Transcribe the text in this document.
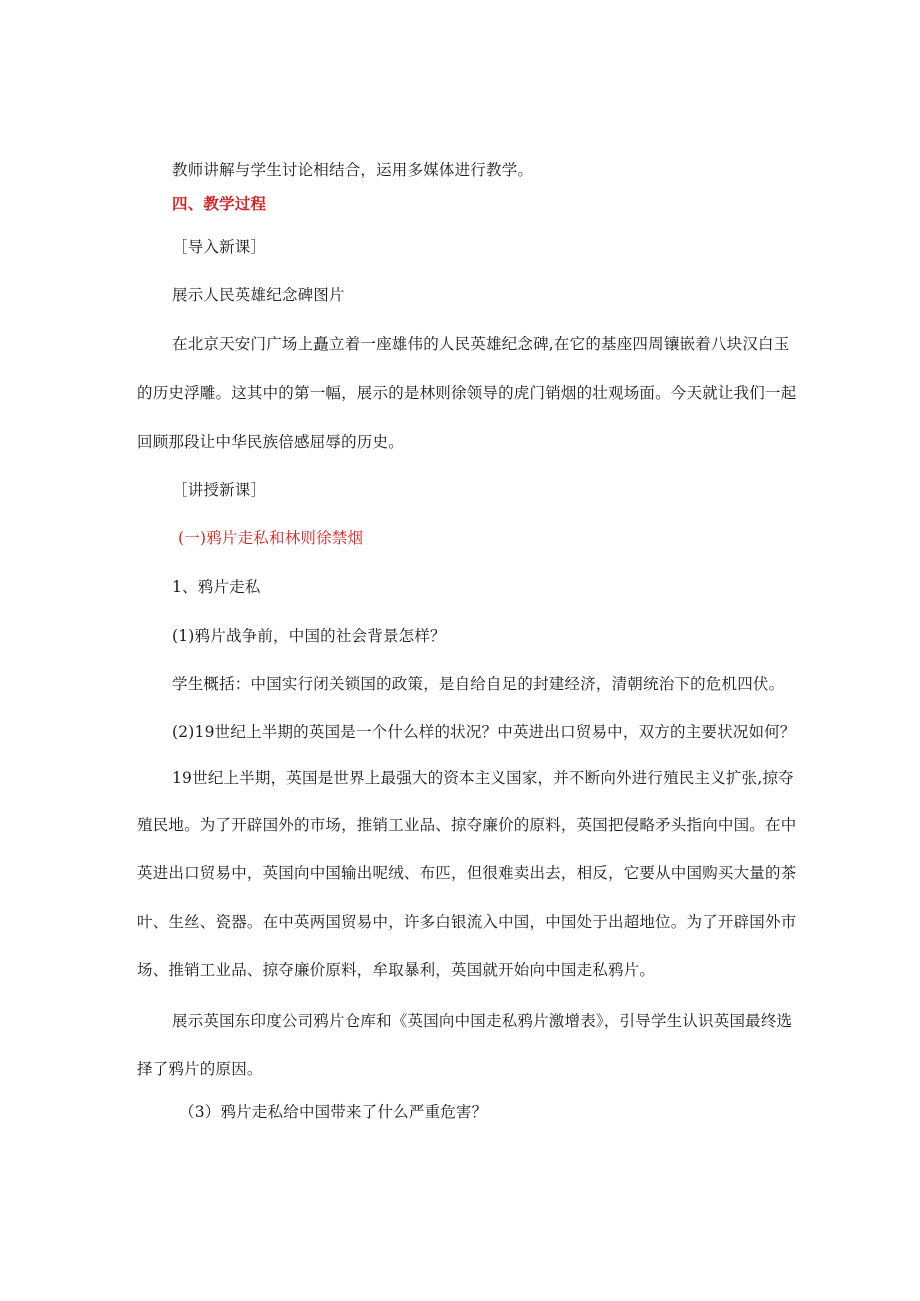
教师讲解与学生讨论相结合，运用多媒体进行教学。

四、教学过程

［导入新课］

展示人民英雄纪念碑图片

在北京天安门广场上矗立着一座雄伟的人民英雄纪念碑,在它的基座四周镶嵌着八块汉白玉

的历史浮雕。这其中的第一幅，展示的是林则徐领导的虎门销烟的壮观场面。今天就让我们一起

回顾那段让中华民族倍感屈辱的历史。

［讲授新课］

(一)鸦片走私和林则徐禁烟

1、鸦片走私

(1)鸦片战争前，中国的社会背景怎样？

学生概括：中国实行闭关锁国的政策，是自给自足的封建经济，清朝统治下的危机四伏。

(2)19世纪上半期的英国是一个什么样的状况？中英进出口贸易中，双方的主要状况如何？

19世纪上半期，英国是世界上最强大的资本主义国家，并不断向外进行殖民主义扩张,掠夺

殖民地。为了开辟国外的市场，推销工业品、掠夺廉价的原料，英国把侵略矛头指向中国。在中

英进出口贸易中，英国向中国输出呢绒、布匹，但很难卖出去，相反，它要从中国购买大量的茶

叶、生丝、瓷器。在中英两国贸易中，许多白银流入中国，中国处于出超地位。为了开辟国外市

场、推销工业品、掠夺廉价原料，牟取暴利，英国就开始向中国走私鸦片。

展示英国东印度公司鸦片仓库和《英国向中国走私鸦片激增表》，引导学生认识英国最终选

择了鸦片的原因。

（3）鸦片走私给中国带来了什么严重危害？
